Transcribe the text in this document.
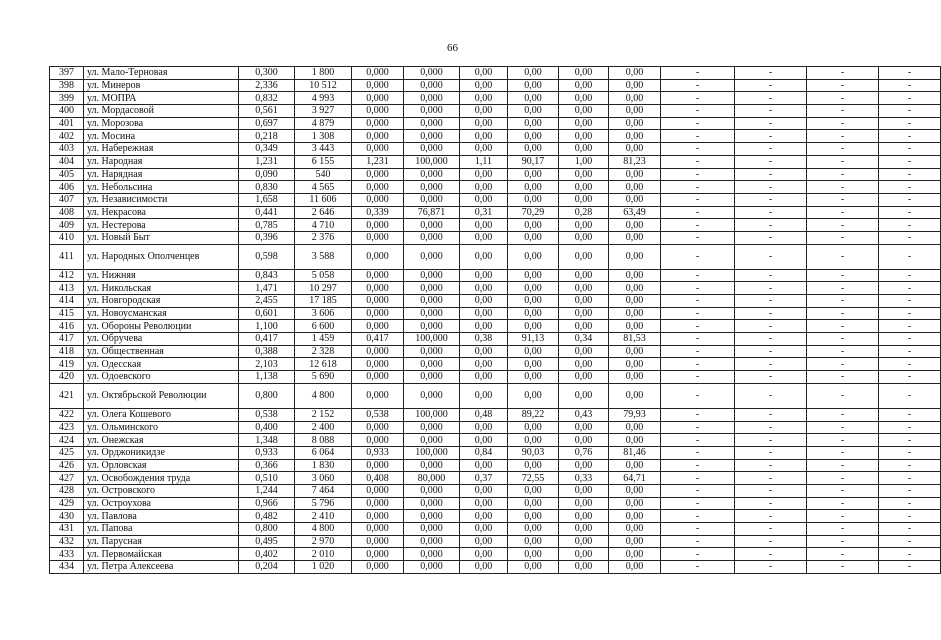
66
397	ул. Мало-Терновая	0,300	1 800	0,000	0,000	0,00	0,00	0,00	0,00	-	-	-	-
398	ул. Минеров	2,336	10 512	0,000	0,000	0,00	0,00	0,00	0,00	-	-	-	-
399	ул. МОПРА	0,832	4 993	0,000	0,000	0,00	0,00	0,00	0,00	-	-	-	-
400	ул. Мордасовой	0,561	3 927	0,000	0,000	0,00	0,00	0,00	0,00	-	-	-	-
401	ул. Морозова	0,697	4 879	0,000	0,000	0,00	0,00	0,00	0,00	-	-	-	-
402	ул. Мосина	0,218	1 308	0,000	0,000	0,00	0,00	0,00	0,00	-	-	-	-
403	ул. Набережная	0,349	3 443	0,000	0,000	0,00	0,00	0,00	0,00	-	-	-	-
404	ул. Народная	1,231	6 155	1,231	100,000	1,11	90,17	1,00	81,23	-	-	-	-
405	ул. Нарядная	0,090	540	0,000	0,000	0,00	0,00	0,00	0,00	-	-	-	-
406	ул. Небольсина	0,830	4 565	0,000	0,000	0,00	0,00	0,00	0,00	-	-	-	-
407	ул. Независимости	1,658	11 606	0,000	0,000	0,00	0,00	0,00	0,00	-	-	-	-
408	ул. Некрасова	0,441	2 646	0,339	76,871	0,31	70,29	0,28	63,49	-	-	-	-
409	ул. Нестерова	0,785	4 710	0,000	0,000	0,00	0,00	0,00	0,00	-	-	-	-
410	ул. Новый Быт	0,396	2 376	0,000	0,000	0,00	0,00	0,00	0,00	-	-	-	-
411	ул. Народных Ополченцев	0,598	3 588	0,000	0,000	0,00	0,00	0,00	0,00	-	-	-	-
412	ул. Нижняя	0,843	5 058	0,000	0,000	0,00	0,00	0,00	0,00	-	-	-	-
413	ул. Никольская	1,471	10 297	0,000	0,000	0,00	0,00	0,00	0,00	-	-	-	-
414	ул. Новгородская	2,455	17 185	0,000	0,000	0,00	0,00	0,00	0,00	-	-	-	-
415	ул. Новоусманская	0,601	3 606	0,000	0,000	0,00	0,00	0,00	0,00	-	-	-	-
416	ул. Обороны Революции	1,100	6 600	0,000	0,000	0,00	0,00	0,00	0,00	-	-	-	-
417	ул. Обручева	0,417	1 459	0,417	100,000	0,38	91,13	0,34	81,53	-	-	-	-
418	ул. Общественная	0,388	2 328	0,000	0,000	0,00	0,00	0,00	0,00	-	-	-	-
419	ул. Одесская	2,103	12 618	0,000	0,000	0,00	0,00	0,00	0,00	-	-	-	-
420	ул. Одоевского	1,138	5 690	0,000	0,000	0,00	0,00	0,00	0,00	-	-	-	-
421	ул. Октябрьской Революции	0,800	4 800	0,000	0,000	0,00	0,00	0,00	0,00	-	-	-	-
422	ул. Олега Кошевого	0,538	2 152	0,538	100,000	0,48	89,22	0,43	79,93	-	-	-	-
423	ул. Ольминского	0,400	2 400	0,000	0,000	0,00	0,00	0,00	0,00	-	-	-	-
424	ул. Онежская	1,348	8 088	0,000	0,000	0,00	0,00	0,00	0,00	-	-	-	-
425	ул. Орджоникидзе	0,933	6 064	0,933	100,000	0,84	90,03	0,76	81,46	-	-	-	-
426	ул. Орловская	0,366	1 830	0,000	0,000	0,00	0,00	0,00	0,00	-	-	-	-
427	ул. Освобождения труда	0,510	3 060	0,408	80,000	0,37	72,55	0,33	64,71	-	-	-	-
428	ул. Островского	1,244	7 464	0,000	0,000	0,00	0,00	0,00	0,00	-	-	-	-
429	ул. Остроухова	0,966	5 796	0,000	0,000	0,00	0,00	0,00	0,00	-	-	-	-
430	ул. Павлова	0,482	2 410	0,000	0,000	0,00	0,00	0,00	0,00	-	-	-	-
431	ул. Папова	0,800	4 800	0,000	0,000	0,00	0,00	0,00	0,00	-	-	-	-
432	ул. Парусная	0,495	2 970	0,000	0,000	0,00	0,00	0,00	0,00	-	-	-	-
433	ул. Первомайская	0,402	2 010	0,000	0,000	0,00	0,00	0,00	0,00	-	-	-	-
434	ул. Петра Алексеева	0,204	1 020	0,000	0,000	0,00	0,00	0,00	0,00	-	-	-	-
